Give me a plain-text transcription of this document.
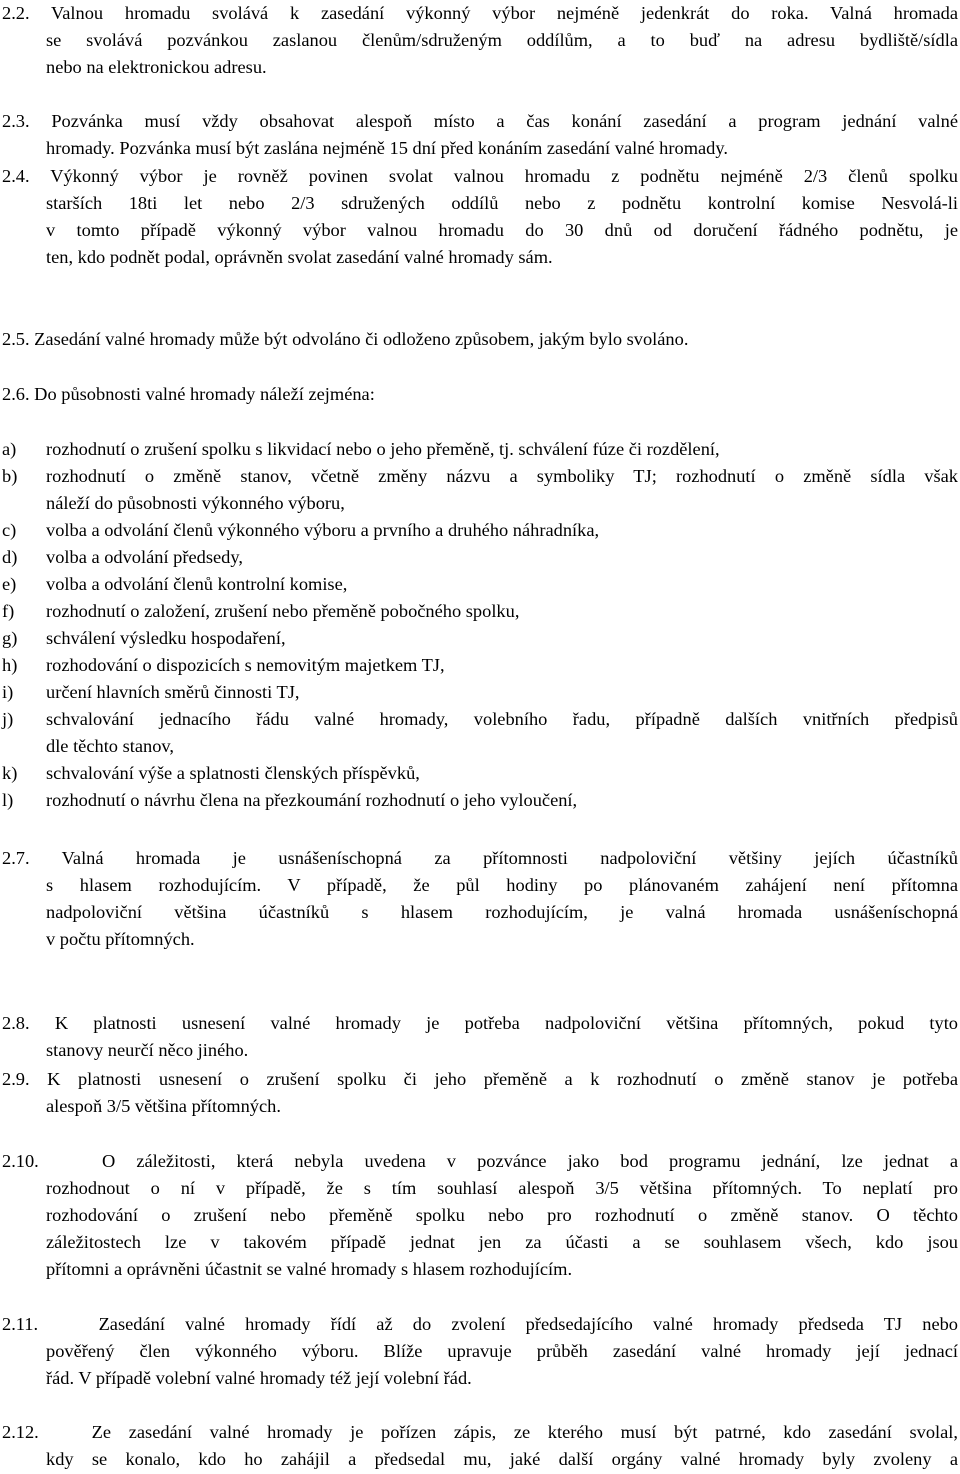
2.2. Valnou hromadu svolává k zasedání výkonný výbor nejméně jedenkrát do roka. Valná hromada
se svolává pozvánkou zaslanou členům/sdruženým oddílům, a to buď na adresu bydliště/sídla
nebo na elektronickou adresu.
2.3. Pozvánka musí vždy obsahovat alespoň místo a čas konání zasedání a program jednání valné
hromady. Pozvánka musí být zaslána nejméně 15 dní před konáním zasedání valné hromady.
2.4. Výkonný výbor je rovněž povinen svolat valnou hromadu z podnětu nejméně 2/3 členů spolku
starších 18ti let nebo 2/3 sdružených oddílů nebo z podnětu kontrolní komise Nesvolá-li
v tomto případě výkonný výbor valnou hromadu do 30 dnů od doručení řádného podnětu, je
ten, kdo podnět podal, oprávněn svolat zasedání valné hromady sám.
2.5. Zasedání valné hromady může být odvoláno či odloženo způsobem, jakým bylo svoláno.
2.6. Do působnosti valné hromady náleží zejména:
a) rozhodnutí o zrušení spolku s likvidací nebo o jeho přeměně, tj. schválení fúze či rozdělení,
b) rozhodnutí o změně stanov, včetně změny názvu a symboliky TJ; rozhodnutí o změně sídla však
náleží do působnosti výkonného výboru,
c) volba a odvolání členů výkonného výboru a prvního a druhého náhradníka,
d) volba a odvolání předsedy,
e) volba a odvolání členů kontrolní komise,
f) rozhodnutí o založení, zrušení nebo přeměně pobočného spolku,
g) schválení výsledku hospodaření,
h) rozhodování o dispozicích s nemovitým majetkem TJ,
i) určení hlavních směrů činnosti TJ,
j) schvalování jednacího řádu valné hromady, volebního řadu, případně dalších vnitřních předpisů
dle těchto stanov,
k) schvalování výše a splatnosti členských příspěvků,
l) rozhodnutí o návrhu člena na přezkoumání rozhodnutí o jeho vyloučení,
2.7. Valná hromada je usnášeníschopná za přítomnosti nadpoloviční většiny jejích účastníků
s hlasem rozhodujícím. V případě, že půl hodiny po plánovaném zahájení není přítomna
nadpoloviční většina účastníků s hlasem rozhodujícím, je valná hromada usnášeníschopná
v počtu přítomných.
2.8. K platnosti usnesení valné hromady je potřeba nadpoloviční většina přítomných, pokud tyto
stanovy neurčí něco jiného.
2.9. K platnosti usnesení o zrušení spolku či jeho přeměně a k rozhodnutí o změně stanov je potřeba
alespoň 3/5 většina přítomných.
2.10.   O záležitosti, která nebyla uvedena v pozvánce jako bod programu jednání, lze jednat a
rozhodnout o ní v případě, že s tím souhlasí alespoň 3/5 většina přítomných. To neplatí pro
rozhodování o zrušení nebo přeměně spolku nebo pro rozhodnutí o změně stanov. O těchto
záležitostech lze v takovém případě jednat jen za účasti a se souhlasem všech, kdo jsou
přítomni a oprávněni účastnit se valné hromady s hlasem rozhodujícím.
2.11.   Zasedání valné hromady řídí až do zvolení předsedajícího valné hromady předseda TJ nebo
pověřený člen výkonného výboru. Blíže upravuje průběh zasedání valné hromady její jednací
řád. V případě volební valné hromady též její volební řád.
2.12.   Ze zasedání valné hromady je pořízen zápis, ze kterého musí být patrné, kdo zasedání svolal,
kdy se konalo, kdo ho zahájil a předsedal mu, jaké další orgány valné hromady byly zvoleny a
